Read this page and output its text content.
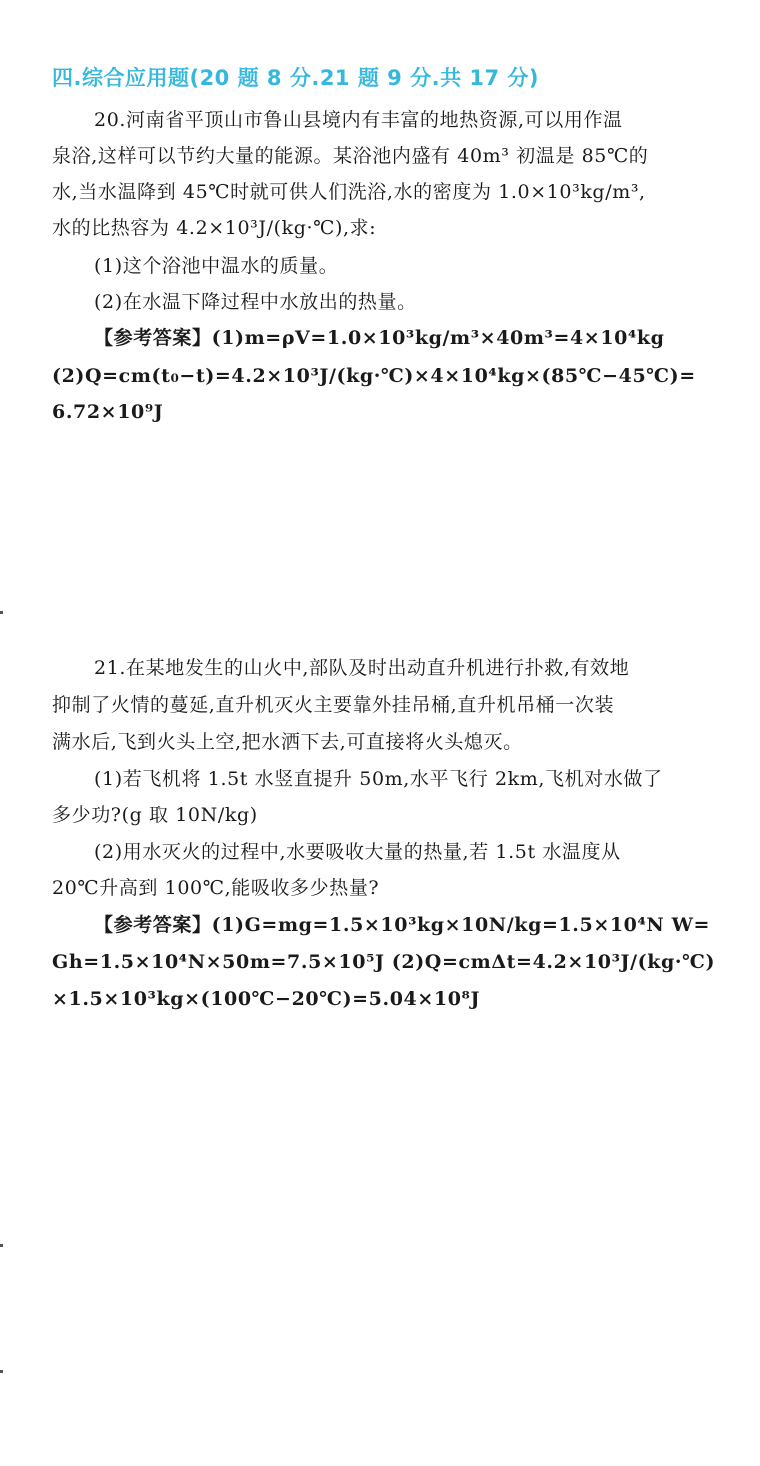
四.综合应用题(20 题 8 分.21 题 9 分.共 17 分)
20.河南省平顶山市鲁山县境内有丰富的地热资源,可以用作温
泉浴,这样可以节约大量的能源。某浴池内盛有 40m³ 初温是 85℃的
水,当水温降到 45℃时就可供人们洗浴,水的密度为 1.0×10³kg/m³,
水的比热容为 4.2×10³J/(kg·℃),求:
(1)这个浴池中温水的质量。
(2)在水温下降过程中水放出的热量。
【参考答案】(1)m=ρV=1.0×10³kg/m³×40m³=4×10⁴kg
(2)Q=cm(t₀−t)=4.2×10³J/(kg·℃)×4×10⁴kg×(85℃−45℃)=
6.72×10⁹J
21.在某地发生的山火中,部队及时出动直升机进行扑救,有效地
抑制了火情的蔓延,直升机灭火主要靠外挂吊桶,直升机吊桶一次装
满水后,飞到火头上空,把水洒下去,可直接将火头熄灭。
(1)若飞机将 1.5t 水竖直提升 50m,水平飞行 2km,飞机对水做了
多少功?(g 取 10N/kg)
(2)用水灭火的过程中,水要吸收大量的热量,若 1.5t 水温度从
20℃升高到 100℃,能吸收多少热量?
【参考答案】(1)G=mg=1.5×10³kg×10N/kg=1.5×10⁴N W=
Gh=1.5×10⁴N×50m=7.5×10⁵J (2)Q=cmΔt=4.2×10³J/(kg·℃)
×1.5×10³kg×(100℃−20℃)=5.04×10⁸J
